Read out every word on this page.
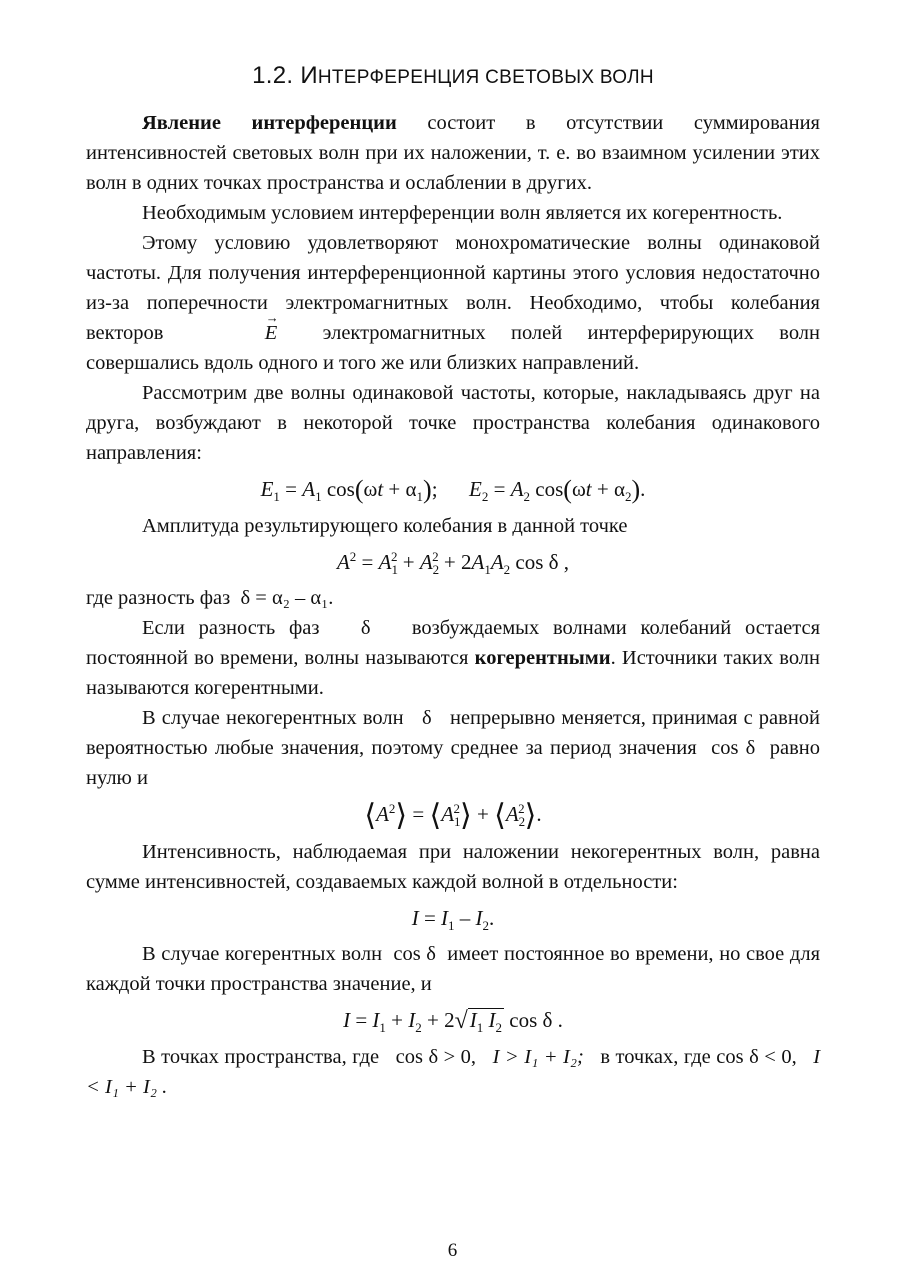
1.2. ИНТЕРФЕРЕНЦИЯ СВЕТОВЫХ ВОЛН

Явление интерференции состоит в отсутствии суммирования интенсивностей световых волн при их наложении, т. е. во взаимном усилении этих волн в одних точках пространства и ослаблении в других.

Необходимым условием интерференции волн является их когерентность.

Этому условию удовлетворяют монохроматические волны одинаковой частоты. Для получения интерференционной картины этого условия недостаточно из-за поперечности электромагнитных волн. Необходимо, чтобы колебания векторов →	E электромагнитных полей интерферирующих волн совершались вдоль одного и того же или близких направлений.

Рассмотрим две волны одинаковой частоты, которые, накладываясь друг на друга, возбуждают в некоторой точке пространства колебания одинакового направления:

$E_1 = A_1$ $\cos(\omega t + \alpha_1)$;      $E_2 = A_2$ $\cos(\omega t + \alpha_2)$.

Амплитуда результирующего колебания в данной точке

$A^2 = A_1^2 + A_2^2 + 2A_1A_2$ cos δ ,

где разность фаз δ = α₂ – α₁.

Если разность фаз δ возбуждаемых волнами колебаний остается постоянной во времени, волны называются когерентными. Источники таких волн называются когерентными.

В случае некогерентных волн δ непрерывно меняется, принимая с равной вероятностью любые значения, поэтому среднее за период значения cos δ равно нулю и

$⟨A^2⟩$ = $⟨A_1^2⟩$ + $⟨A_2^2⟩$.

Интенсивность, наблюдаемая при наложении некогерентных волн, равна сумме интенсивностей, создаваемых каждой волной в отдельности:

$I = I_1 - I_2$.

В случае когерентных волн cos δ имеет постоянное во времени, но свое для каждой точки пространства значение, и

$I = I_1 + I_2 + 2√I_1$ $I_2$ cos δ .

В точках пространства, где cos δ > 0, I > I₁ + I₂; в точках, где cos δ < 0, I < I₁ + I₂ .

6
